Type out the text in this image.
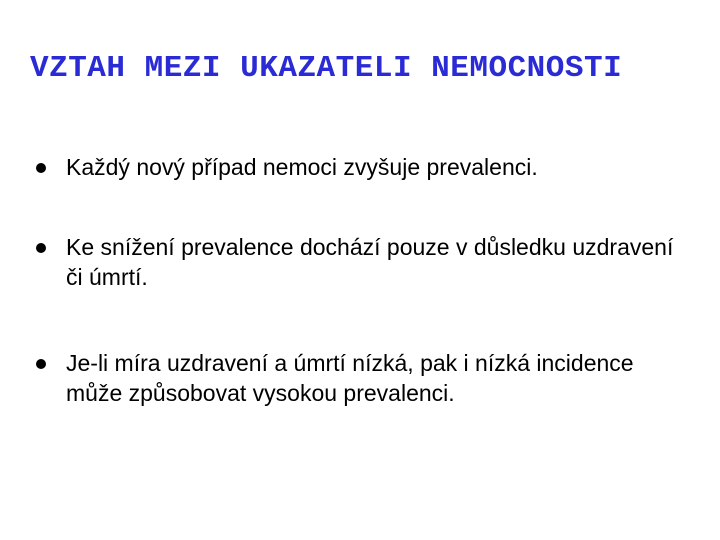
VZTAH MEZI UKAZATELI NEMOCNOSTI
Každý nový případ nemoci zvyšuje prevalenci.
Ke snížení prevalence dochází pouze v důsledku uzdravení či úmrtí.
Je-li míra uzdravení a úmrtí nízká, pak i nízká incidence může způsobovat vysokou prevalenci.
